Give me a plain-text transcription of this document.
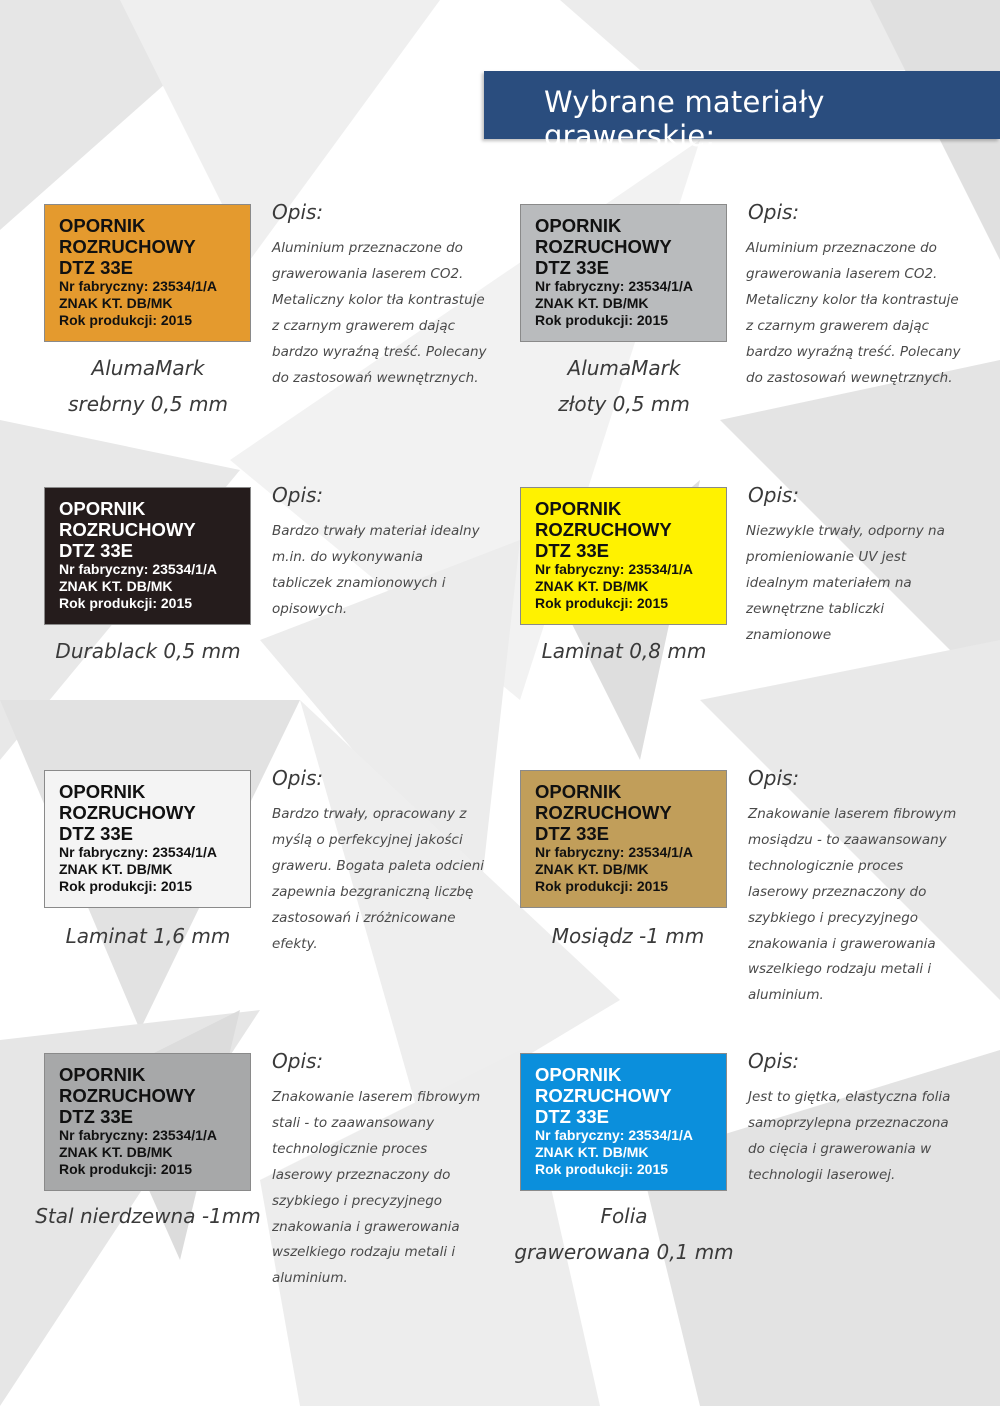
Wybrane materiały grawerskie:
OPORNIK
ROZRUCHOWY
DTZ 33E
Nr fabryczny: 23534/1/A
ZNAK KT. DB/MK
Rok produkcji: 2015
AlumaMark
srebrny 0,5 mm
Opis:
Aluminium przeznaczone do grawerowania laserem CO2. Metaliczny kolor tła kontrastuje z czarnym grawerem dając bardzo wyraźną treść. Polecany do zastosowań wewnętrznych.
OPORNIK
ROZRUCHOWY
DTZ 33E
Nr fabryczny: 23534/1/A
ZNAK KT. DB/MK
Rok produkcji: 2015
AlumaMark
złoty 0,5 mm
Opis:
Aluminium przeznaczone do grawerowania laserem CO2. Metaliczny kolor tła kontrastuje z czarnym grawerem dając bardzo wyraźną treść. Polecany do zastosowań wewnętrznych.
OPORNIK
ROZRUCHOWY
DTZ 33E
Nr fabryczny: 23534/1/A
ZNAK KT. DB/MK
Rok produkcji: 2015
Durablack 0,5 mm
Opis:
Bardzo trwały materiał idealny m.in. do wykonywania tabliczek znamionowych i opisowych.
OPORNIK
ROZRUCHOWY
DTZ 33E
Nr fabryczny: 23534/1/A
ZNAK KT. DB/MK
Rok produkcji: 2015
Laminat 0,8 mm
Opis:
Niezwykle trwały, odporny na promieniowanie UV jest idealnym materiałem na zewnętrzne tabliczki znamionowe
OPORNIK
ROZRUCHOWY
DTZ 33E
Nr fabryczny: 23534/1/A
ZNAK KT. DB/MK
Rok produkcji: 2015
Laminat 1,6 mm
Opis:
Bardzo trwały, opracowany z myślą o perfekcyjnej jakości graweru. Bogata paleta odcieni zapewnia bezgraniczną liczbę zastosowań i zróżnicowane efekty.
OPORNIK
ROZRUCHOWY
DTZ 33E
Nr fabryczny: 23534/1/A
ZNAK KT. DB/MK
Rok produkcji: 2015
Mosiądz -1 mm
Opis:
Znakowanie laserem fibrowym mosiądzu - to zaawansowany technologicznie proces laserowy przeznaczony do szybkiego i precyzyjnego znakowania i grawerowania wszelkiego rodzaju metali i aluminium.
OPORNIK
ROZRUCHOWY
DTZ 33E
Nr fabryczny: 23534/1/A
ZNAK KT. DB/MK
Rok produkcji: 2015
Stal nierdzewna -1mm
Opis:
Znakowanie laserem fibrowym stali - to zaawansowany technologicznie proces laserowy przeznaczony do szybkiego i precyzyjnego znakowania i grawerowania wszelkiego rodzaju metali i aluminium.
OPORNIK
ROZRUCHOWY
DTZ 33E
Nr fabryczny: 23534/1/A
ZNAK KT. DB/MK
Rok produkcji: 2015
Folia
grawerowana 0,1 mm
Opis:
Jest to giętka, elastyczna folia samoprzylepna przeznaczona do cięcia i grawerowania w technologii laserowej.
